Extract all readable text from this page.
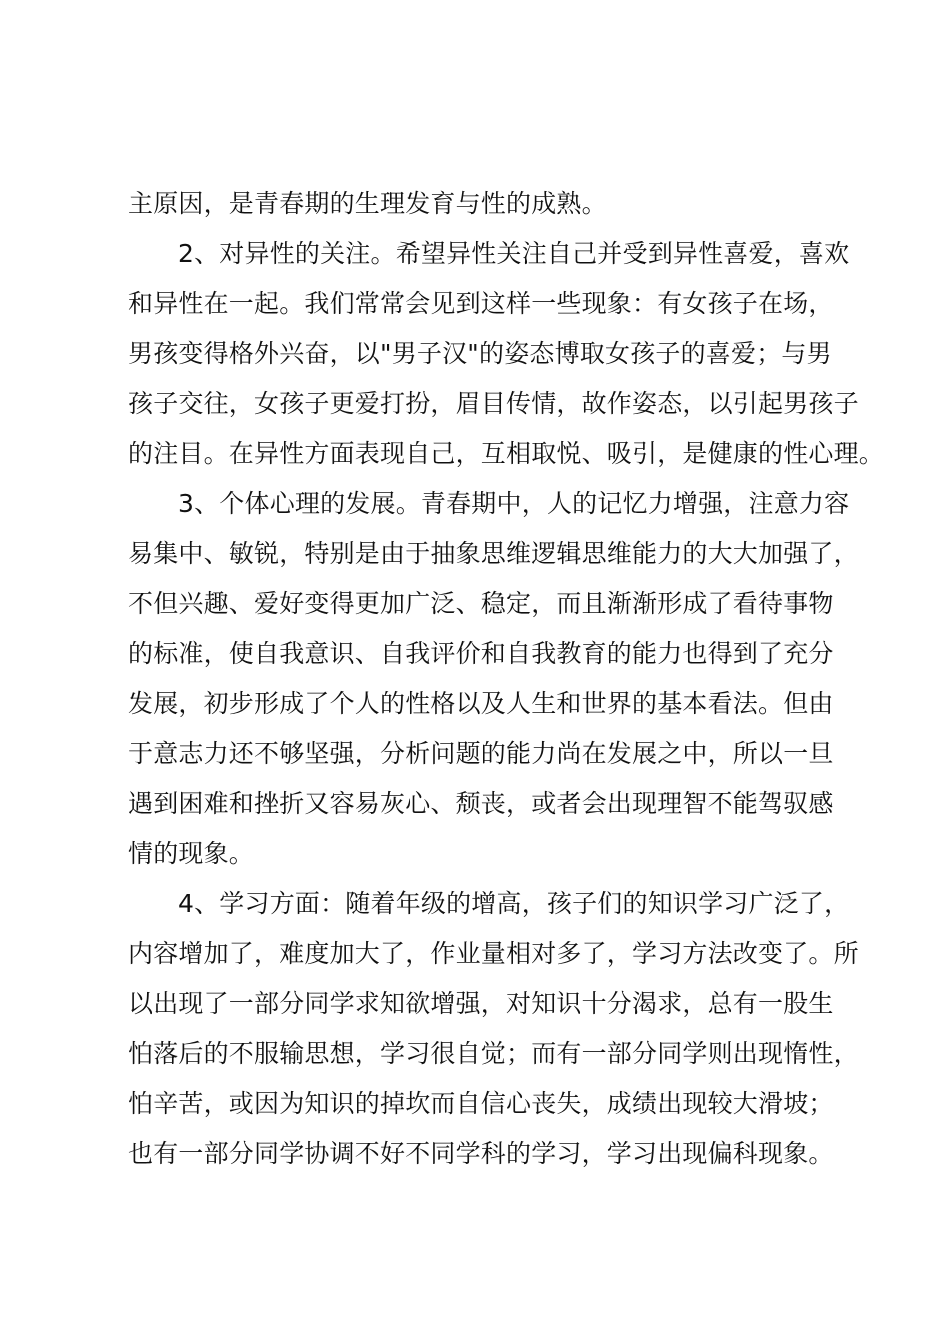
主原因，是青春期的生理发育与性的成熟。
2、对异性的关注。希望异性关注自己并受到异性喜爱，喜欢
和异性在一起。我们常常会见到这样一些现象：有女孩子在场，
男孩变得格外兴奋，以"男子汉"的姿态博取女孩子的喜爱；与男
孩子交往，女孩子更爱打扮，眉目传情，故作姿态，以引起男孩子
的注目。在异性方面表现自己，互相取悦、吸引，是健康的性心理。
3、个体心理的发展。青春期中，人的记忆力增强，注意力容
易集中、敏锐，特别是由于抽象思维逻辑思维能力的大大加强了，
不但兴趣、爱好变得更加广泛、稳定，而且渐渐形成了看待事物
的标准，使自我意识、自我评价和自我教育的能力也得到了充分
发展，初步形成了个人的性格以及人生和世界的基本看法。但由
于意志力还不够坚强，分析问题的能力尚在发展之中，所以一旦
遇到困难和挫折又容易灰心、颓丧，或者会出现理智不能驾驭感
情的现象。
4、学习方面：随着年级的增高，孩子们的知识学习广泛了，
内容增加了，难度加大了，作业量相对多了，学习方法改变了。所
以出现了一部分同学求知欲增强，对知识十分渴求，总有一股生
怕落后的不服输思想，学习很自觉；而有一部分同学则出现惰性，
怕辛苦，或因为知识的掉坎而自信心丧失，成绩出现较大滑坡；
也有一部分同学协调不好不同学科的学习，学习出现偏科现象。
